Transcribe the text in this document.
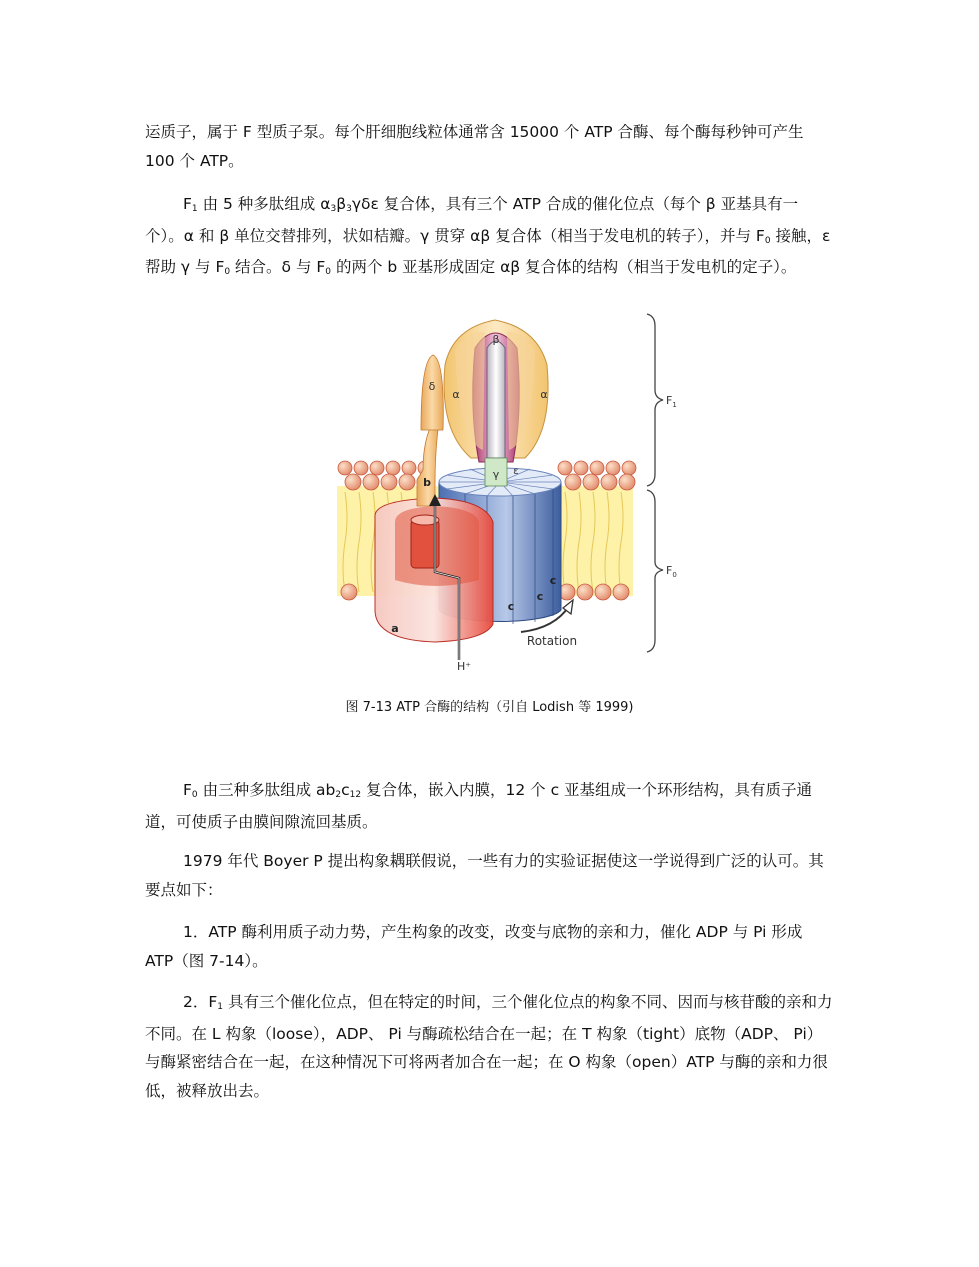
运质子，属于 F 型质子泵。每个肝细胞线粒体通常含 15000 个 ATP 合酶、每个酶每秒钟可产生 100 个 ATP。

$F_1$ 由 5 种多肽组成 $\alpha_3\beta_3\gamma\delta\varepsilon$ 复合体，具有三个 ATP 合成的催化位点（每个 β 亚基具有一个）。α 和 β 单位交替排列，状如桔瓣。γ 贯穿 αβ 复合体（相当于发电机的转子），并与 $F_0$ 接触，ε 帮助 γ 与 $F_0$ 结合。δ 与 $F_0$ 的两个 b 亚基形成固定 αβ 复合体的结构（相当于发电机的定子）。

β
α	α
δ
γ ε
b
a
c
c
c
Rotation
H⁺
$F_1$
$F_0$
图 7-13 ATP 合酶的结构（引自 Lodish 等 1999)

$F_0$ 由三种多肽组成 $ab_2c_{12}$ 复合体，嵌入内膜，12 个 c 亚基组成一个环形结构，具有质子通道，可使质子由膜间隙流回基质。

1979 年代 Boyer P 提出构象耦联假说，一些有力的实验证据使这一学说得到广泛的认可。其要点如下：

1．ATP 酶利用质子动力势，产生构象的改变，改变与底物的亲和力，催化 ADP 与 Pi 形成 ATP（图 7-14）。

2．$F_1$ 具有三个催化位点，但在特定的时间，三个催化位点的构象不同、因而与核苷酸的亲和力不同。在 L 构象（loose），ADP、 Pi 与酶疏松结合在一起；在 T 构象（tight）底物（ADP、 Pi）与酶紧密结合在一起，在这种情况下可将两者加合在一起；在 O 构象（open）ATP 与酶的亲和力很低，被释放出去。
